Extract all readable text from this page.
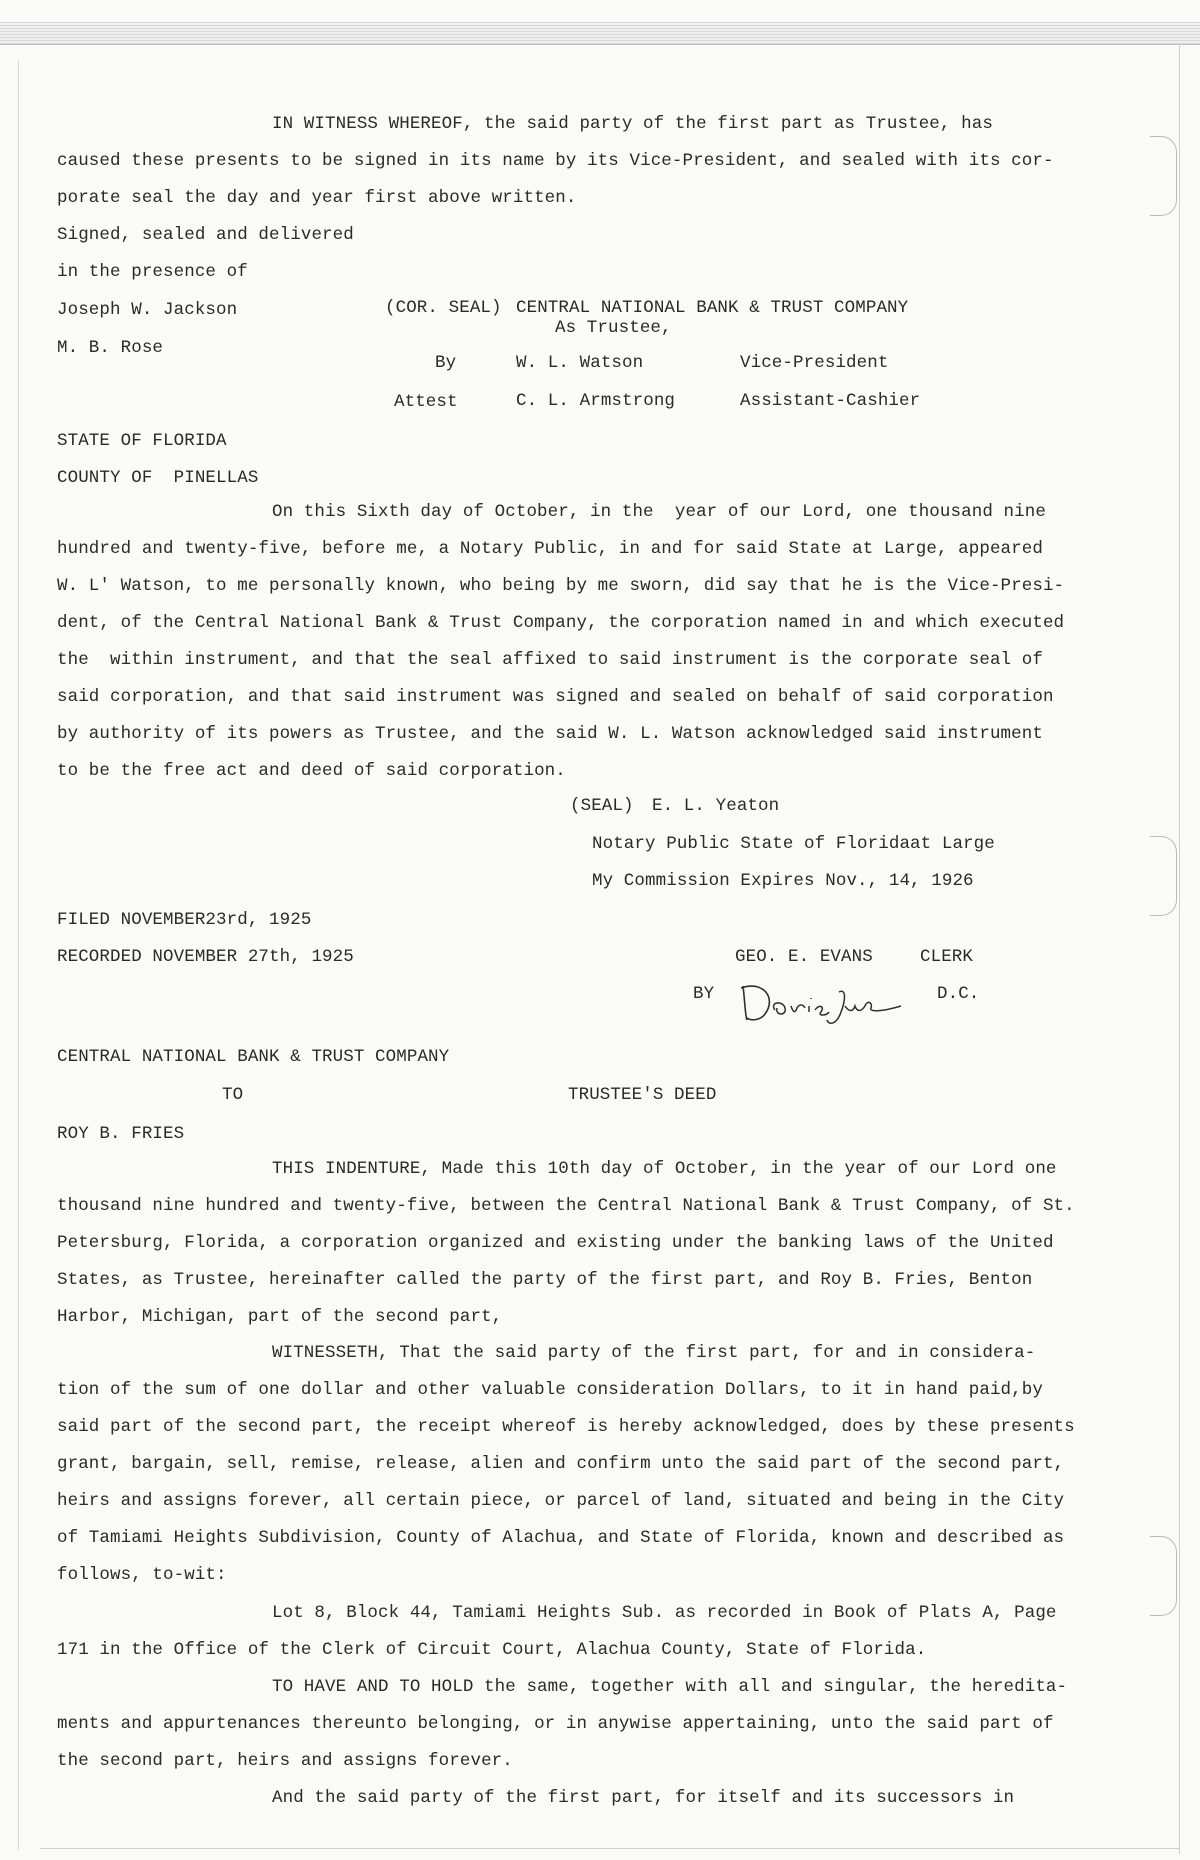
IN WITNESS WHEREOF, the said party of the first part as Trustee, has
caused these presents to be signed in its name by its Vice-President, and sealed with its cor-
porate seal the day and year first above written.
Signed, sealed and delivered
in the presence of
Joseph W. Jackson
M. B. Rose
(COR. SEAL) CENTRAL NATIONAL BANK & TRUST COMPANY
As Trustee,
By	W. L. Watson	Vice-President
Attest	C. L. Armstrong	Assistant-Cashier
STATE OF FLORIDA
COUNTY OF  PINELLAS
On this Sixth day of October, in the  year of our Lord, one thousand nine
hundred and twenty-five, before me, a Notary Public, in and for said State at Large, appeared
W. L' Watson, to me personally known, who being by me sworn, did say that he is the Vice-Presi-
dent, of the Central National Bank & Trust Company, the corporation named in and which executed
the  within instrument, and that the seal affixed to said instrument is the corporate seal of
said corporation, and that said instrument was signed and sealed on behalf of said corporation
by authority of its powers as Trustee, and the said W. L. Watson acknowledged said instrument
to be the free act and deed of said corporation.
(SEAL) E. L. Yeaton
Notary Public State of Floridaat Large
My Commission Expires Nov., 14, 1926
FILED NOVEMBER23rd, 1925
RECORDED NOVEMBER 27th, 1925	GEO. E. EVANS	CLERK
BY	D.C.
CENTRAL NATIONAL BANK & TRUST COMPANY
TO	TRUSTEE'S DEED
ROY B. FRIES
THIS INDENTURE, Made this 10th day of October, in the year of our Lord one
thousand nine hundred and twenty-five, between the Central National Bank & Trust Company, of St.
Petersburg, Florida, a corporation organized and existing under the banking laws of the United
States, as Trustee, hereinafter called the party of the first part, and Roy B. Fries, Benton
Harbor, Michigan, part of the second part,
WITNESSETH, That the said party of the first part, for and in considera-
tion of the sum of one dollar and other valuable consideration Dollars, to it in hand paid,by
said part of the second part, the receipt whereof is hereby acknowledged, does by these presents
grant, bargain, sell, remise, release, alien and confirm unto the said part of the second part,
heirs and assigns forever, all certain piece, or parcel of land, situated and being in the City
of Tamiami Heights Subdivision, County of Alachua, and State of Florida, known and described as
follows, to-wit:
Lot 8, Block 44, Tamiami Heights Sub. as recorded in Book of Plats A, Page
171 in the Office of the Clerk of Circuit Court, Alachua County, State of Florida.
TO HAVE AND TO HOLD the same, together with all and singular, the heredita-
ments and appurtenances thereunto belonging, or in anywise appertaining, unto the said part of
the second part, heirs and assigns forever.
And the said party of the first part, for itself and its successors in
